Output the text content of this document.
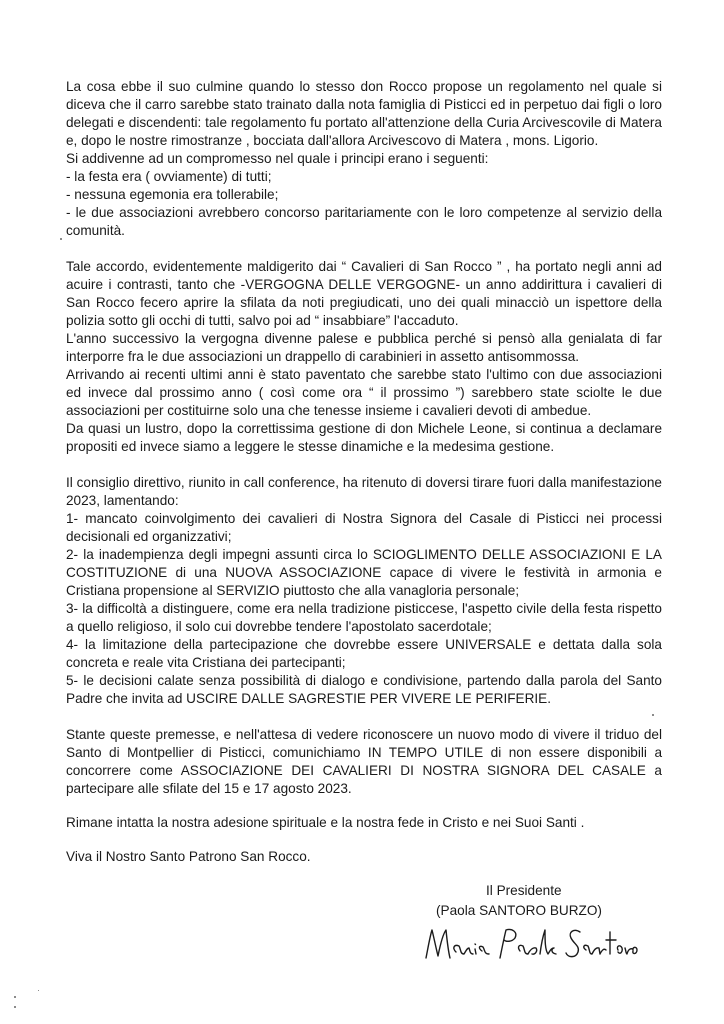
La cosa ebbe il suo culmine quando lo stesso don Rocco propose un regolamento nel quale si diceva che il carro sarebbe stato trainato dalla nota famiglia di Pisticci ed in perpetuo dai figli o loro delegati e discendenti: tale regolamento fu portato all'attenzione della Curia Arcivescovile di Matera e, dopo le nostre rimostranze , bocciata dall'allora Arcivescovo di Matera , mons. Ligorio.

Si addivenne ad un compromesso nel quale i principi erano i seguenti:

- la festa era ( ovviamente) di tutti;

- nessuna egemonia era tollerabile;

- le due associazioni avrebbero concorso paritariamente con le loro competenze al servizio della comunità.

Tale accordo, evidentemente maldigerito dai “ Cavalieri di San Rocco ” , ha portato negli anni ad acuire i contrasti, tanto che -VERGOGNA DELLE VERGOGNE- un anno addirittura i cavalieri di San Rocco fecero aprire la sfilata da noti pregiudicati, uno dei quali minacciò un ispettore della polizia sotto gli occhi di tutti, salvo poi ad “ insabbiare” l'accaduto.

L'anno successivo la vergogna divenne palese e pubblica perché si pensò alla genialata di far interporre fra le due associazioni un drappello di carabinieri in assetto antisommossa.

Arrivando ai recenti ultimi anni è stato paventato che sarebbe stato l'ultimo con due associazioni ed invece dal prossimo anno ( così come ora “ il prossimo ”) sarebbero state sciolte le due associazioni per costituirne solo una che tenesse insieme i cavalieri devoti di ambedue.

Da quasi un lustro, dopo la correttissima gestione di don Michele Leone, si continua a declamare propositi ed invece siamo a leggere le stesse dinamiche e la medesima gestione.

Il consiglio direttivo, riunito in call conference, ha ritenuto di doversi tirare fuori dalla manifestazione 2023, lamentando:

1- mancato coinvolgimento dei cavalieri di Nostra Signora del Casale di Pisticci nei processi decisionali ed organizzativi;

2- la inadempienza degli impegni assunti circa lo SCIOGLIMENTO DELLE ASSOCIAZIONI E LA COSTITUZIONE di una NUOVA ASSOCIAZIONE capace di vivere le festività in armonia e Cristiana propensione al SERVIZIO piuttosto che alla vanagloria personale;

3- la difficoltà a distinguere, come era nella tradizione pisticcese, l'aspetto civile della festa rispetto a quello religioso, il solo cui dovrebbe tendere l'apostolato sacerdotale;

4- la limitazione della partecipazione che dovrebbe essere UNIVERSALE e dettata dalla sola concreta e reale vita Cristiana dei partecipanti;

5- le decisioni calate senza possibilità di dialogo e condivisione, partendo dalla parola del Santo Padre che invita ad USCIRE DALLE SAGRESTIE PER VIVERE LE PERIFERIE.

Stante queste premesse, e nell'attesa di vedere riconoscere un nuovo modo di vivere il triduo del Santo di Montpellier di Pisticci, comunichiamo IN TEMPO UTILE di non essere disponibili a concorrere come ASSOCIAZIONE DEI CAVALIERI DI NOSTRA SIGNORA DEL CASALE a partecipare alle sfilate del 15 e 17 agosto 2023.

Rimane intatta la nostra adesione spirituale e la nostra fede in Cristo e nei Suoi Santi .

Viva il Nostro Santo Patrono San Rocco.

Il Presidente
(Paola SANTORO BURZO)
